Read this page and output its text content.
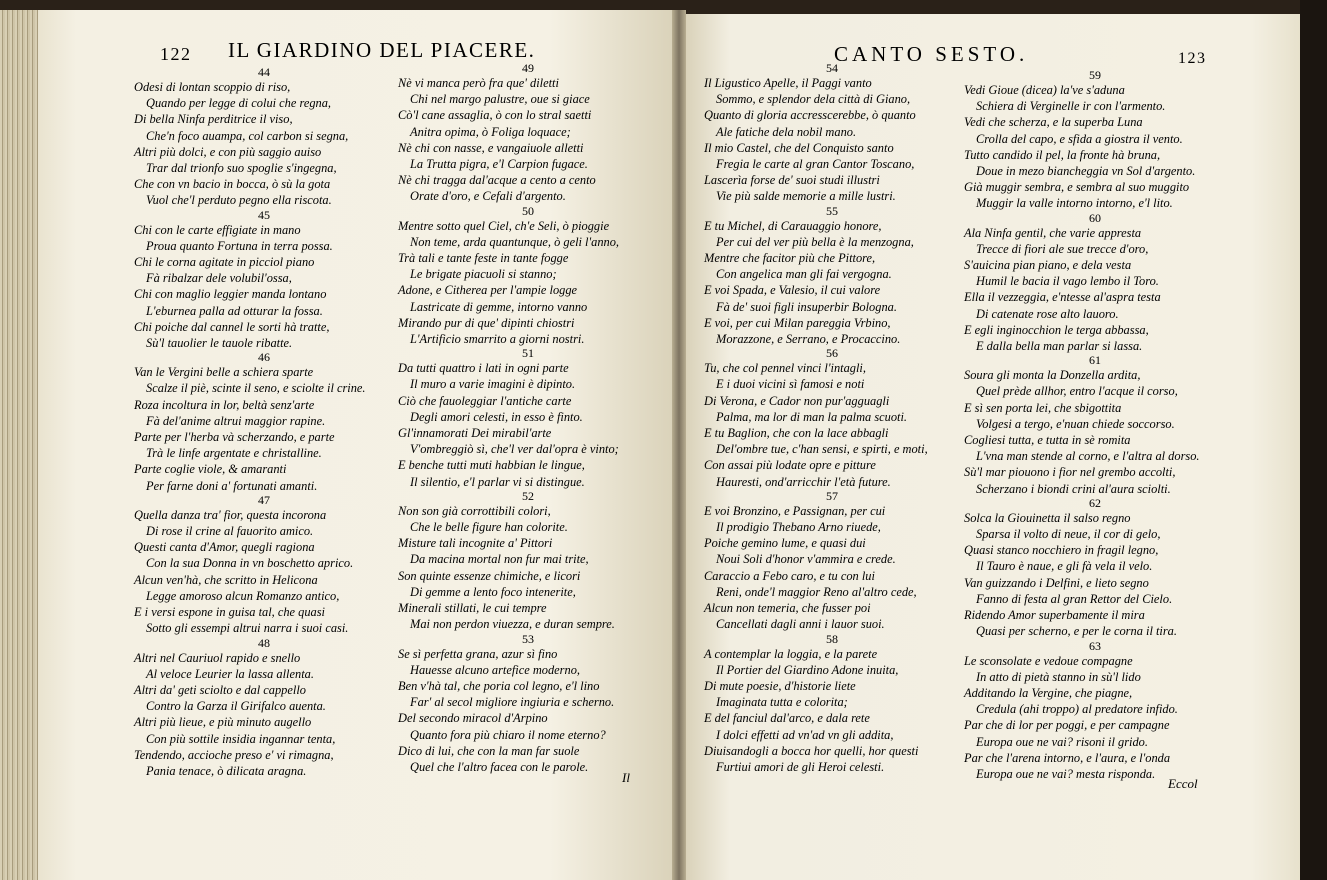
122 IL GIARDINO DEL PIACERE.	CANTO SESTO.	123
44
Odesi di lontan scoppio di riso,
Quando per legge di colui che regna,
Di bella Ninfa perditrice il viso,
Che'n foco auampa, col carbon si segna,
Altri più dolci, e con più saggio auiso
Trar dal trionfo suo spoglie s'ingegna,
Che con vn bacio in bocca, ò sù la gota
Vuol che'l perduto pegno ella riscota.
45
Chi con le carte effigiate in mano
Proua quanto Fortuna in terra possa.
Chi le corna agitate in picciol piano
Fà ribalzar dele volubil'ossa,
Chi con maglio leggier manda lontano
L'eburnea palla ad otturar la fossa.
Chi poiche dal cannel le sorti hà tratte,
Sù'l tauolier le tauole ribatte.
46
Van le Vergini belle a schiera sparte
Scalze il piè, scinte il seno, e sciolte il crine.
Roza incoltura in lor, beltà senz'arte
Fà del'anime altrui maggior rapine.
Parte per l'herba và scherzando, e parte
Trà le linfe argentate e christalline.
Parte coglie viole, & amaranti
Per farne doni a' fortunati amanti.
47
Quella danza tra' fior, questa incorona
Di rose il crine al fauorito amico.
Questi canta d'Amor, quegli ragiona
Con la sua Donna in vn boschetto aprico.
Alcun ven'hà, che scritto in Helicona
Legge amoroso alcun Romanzo antico,
E i versi espone in guisa tal, che quasi
Sotto gli essempi altrui narra i suoi casi.
48
Altri nel Cauriuol rapido e snello
Al veloce Leurier la lassa allenta.
Altri da' geti sciolto e dal cappello
Contro la Garza il Girifalco auenta.
Altri più lieue, e più minuto augello
Con più sottile insidia ingannar tenta,
Tendendo, accioche preso e' vi rimagna,
Pania tenace, ò dilicata aragna.
49
Nè vi manca però fra que' diletti
Chi nel margo palustre, oue si giace
Cò'l cane assaglia, ò con lo stral saetti
Anitra opima, ò Foliga loquace;
Nè chi con nasse, e vangaiuole alletti
La Trutta pigra, e'l Carpion fugace.
Nè chi tragga dal'acque a cento a cento
Orate d'oro, e Cefali d'argento.
50
Mentre sotto quel Ciel, ch'e Seli, ò pioggie
Non teme, arda quantunque, ò geli l'anno,
Trà tali e tante feste in tante fogge
Le brigate piacuoli si stanno;
Adone, e Citherea per l'ampie logge
Lastricate di gemme, intorno vanno
Mirando pur di que' dipinti chiostri
L'Artificio smarrito a giorni nostri.
51
Da tutti quattro i lati in ogni parte
Il muro a varie imagini è dipinto.
Ciò che fauoleggiar l'antiche carte
Degli amori celesti, in esso è finto.
Gl'innamorati Dei mirabil'arte
V'ombreggiò sì, che'l ver dal'opra è vinto;
E benche tutti muti habbian le lingue,
Il silentio, e'l parlar vi si distingue.
52
Non son già corrottibili colori,
Che le belle figure han colorite.
Misture tali incognite a' Pittori
Da macina mortal non fur mai trite,
Son quinte essenze chimiche, e licori
Di gemme a lento foco intenerite,
Minerali stillati, le cui tempre
Mai non perdon viuezza, e duran sempre.
53
Se sì perfetta grana, azur sì fino
Hauesse alcuno artefice moderno,
Ben v'hà tal, che poria col legno, e'l lino
Far' al secol migliore ingiuria e scherno.
Del secondo miracol d'Arpino
Quanto fora più chiaro il nome eterno?
Dico di lui, che con la man far suole
Quel che l'altro facea con le parole.
54
Il Ligustico Apelle, il Paggi vanto
Sommo, e splendor dela città di Giano,
Quanto di gloria accresscerebbe, ò quanto
Ale fatiche dela nobil mano.
Il mio Castel, che del Conquisto santo
Fregia le carte al gran Cantor Toscano,
Lascerìa forse de' suoi studi illustri
Vie più salde memorie a mille lustri.
55
E tu Michel, di Carauaggio honore,
Per cui del ver più bella è la menzogna,
Mentre che facitor più che Pittore,
Con angelica man gli fai vergogna.
E voi Spada, e Valesio, il cui valore
Fà de' suoi figli insuperbir Bologna.
E voi, per cui Milan pareggia Vrbino,
Morazzone, e Serrano, e Procaccino.
56
Tu, che col pennel vinci l'intagli,
E i duoi vicini sì famosi e noti
Di Verona, e Cador non pur'agguagli
Palma, ma lor di man la palma scuoti.
E tu Baglion, che con la lace abbagli
Del'ombre tue, c'han sensi, e spirti, e moti,
Con assai più lodate opre e pitture
Hauresti, ond'arricchir l'età future.
57
E voi Bronzino, e Passignan, per cui
Il prodigio Thebano Arno riuede,
Poiche gemino lume, e quasi dui
Noui Soli d'honor v'ammira e crede.
Caraccio a Febo caro, e tu con lui
Reni, onde'l maggior Reno al'altro cede,
Alcun non temeria, che fusser poi
Cancellati dagli anni i lauor suoi.
58
A contemplar la loggia, e la parete
Il Portier del Giardino Adone inuita,
Di mute poesie, d'historie liete
Imaginata tutta e colorita;
E del fanciul dal'arco, e dala rete
I dolci effetti ad vn'ad vn gli addita,
Diuisandogli a bocca hor quelli, hor questi
Furtiui amori de gli Heroi celesti.
59
Vedi Gioue (dicea) la've s'aduna
Schiera di Verginelle ir con l'armento.
Vedi che scherza, e la superba Luna
Crolla del capo, e sfida a giostra il vento.
Tutto candido il pel, la fronte hà bruna,
Doue in mezo biancheggia vn Sol d'argento.
Già muggir sembra, e sembra al suo muggito
Muggir la valle intorno intorno, e'l lito.
60
Ala Ninfa gentil, che varie appresta
Trecce di fiori ale sue trecce d'oro,
S'auicina pian piano, e dela vesta
Humil le bacia il vago lembo il Toro.
Ella il vezzeggia, e'ntesse al'aspra testa
Di catenate rose alto lauoro.
E egli inginocchion le terga abbassa,
E dalla bella man parlar si lassa.
61
Soura gli monta la Donzella ardita,
Quel prède allhor, entro l'acque il corso,
E sì sen porta lei, che sbigottita
Volgesi a tergo, e'nuan chiede soccorso.
Cogliesi tutta, e tutta in sè romita
L'vna man stende al corno, e l'altra al dorso.
Sù'l mar piouono i fior nel grembo accolti,
Scherzano i biondi crini al'aura sciolti.
62
Solca la Giouinetta il salso regno
Sparsa il volto di neue, il cor di gelo,
Quasi stanco nocchiero in fragil legno,
Il Tauro è naue, e gli fà vela il velo.
Van guizzando i Delfini, e lieto segno
Fanno di festa al gran Rettor del Cielo.
Ridendo Amor superbamente il mira
Quasi per scherno, e per le corna il tira.
63
Le sconsolate e vedoue compagne
In atto di pietà stanno in sù'l lido
Additando la Vergine, che piagne,
Credula (ahi troppo) al predatore infido.
Par che di lor per poggi, e per campagne
Europa oue ne vai? risoni il grido.
Par che l'arena intorno, e l'aura, e l'onda
Europa oue ne vai? mesta risponda.
Il	Eccol
